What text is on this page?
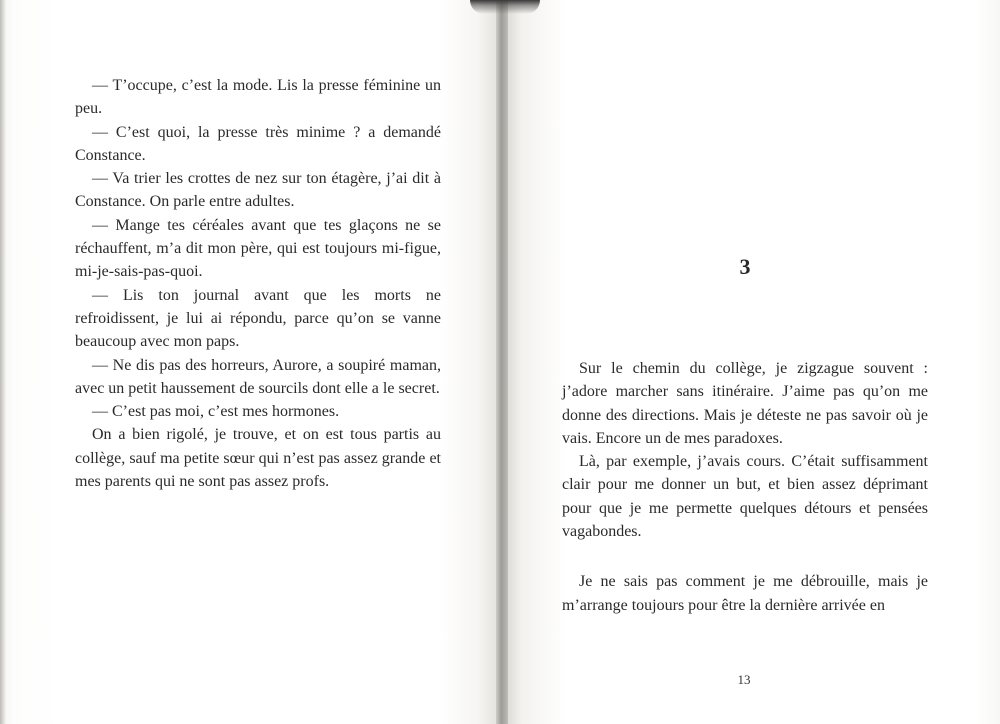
— T’occupe, c’est la mode. Lis la presse féminine un peu.

— C’est quoi, la presse très minime ? a demandé Constance.

— Va trier les crottes de nez sur ton étagère, j’ai dit à Constance. On parle entre adultes.

— Mange tes céréales avant que tes glaçons ne se réchauffent, m’a dit mon père, qui est toujours mi-figue, mi-je-sais-pas-quoi.

— Lis ton journal avant que les morts ne refroidissent, je lui ai répondu, parce qu’on se vanne beaucoup avec mon paps.

— Ne dis pas des horreurs, Aurore, a soupiré maman, avec un petit haussement de sourcils dont elle a le secret.

— C’est pas moi, c’est mes hormones.

On a bien rigolé, je trouve, et on est tous partis au collège, sauf ma petite sœur qui n’est pas assez grande et mes parents qui ne sont pas assez profs.

3

Sur le chemin du collège, je zigzague souvent : j’adore marcher sans itinéraire. J’aime pas qu’on me donne des directions. Mais je déteste ne pas savoir où je vais. Encore un de mes paradoxes.

Là, par exemple, j’avais cours. C’était suffisamment clair pour me donner un but, et bien assez déprimant pour que je me permette quelques détours et pensées vagabondes.

Je ne sais pas comment je me débrouille, mais je m’arrange toujours pour être la dernière arrivée en

13
